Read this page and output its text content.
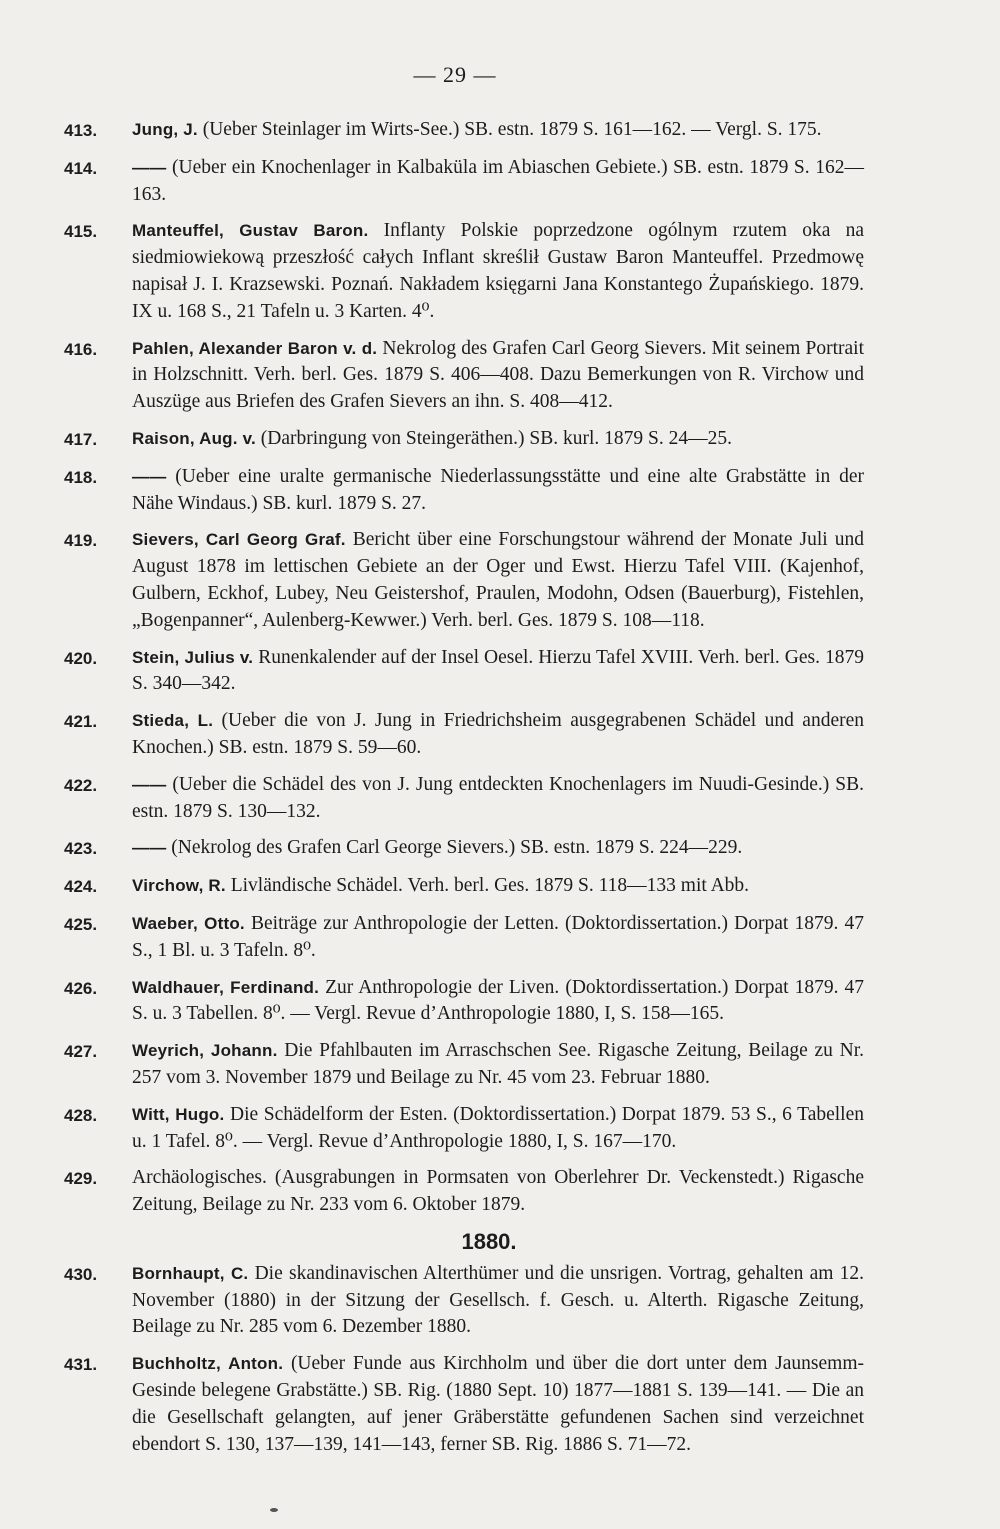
— 29 —
413.	Jung, J. (Ueber Steinlager im Wirts-See.) SB. estn. 1879 S. 161—162. — Vergl. S. 175.
414.	—— (Ueber ein Knochenlager in Kalbaküla im Abiaschen Gebiete.) SB. estn. 1879 S. 162—163.
415.	Manteuffel, Gustav Baron. Inflanty Polskie poprzedzone ogólnym rzutem oka na siedmiowiekową przeszłość całych Inflant skreślił Gustaw Baron Manteuffel. Przedmowę napisał J. I. Krazsewski. Poznań. Nakładem księgarni Jana Konstantego Żupańskiego. 1879. IX u. 168 S., 21 Tafeln u. 3 Karten. 4⁰.
416.	Pahlen, Alexander Baron v. d. Nekrolog des Grafen Carl Georg Sievers. Mit seinem Portrait in Holzschnitt. Verh. berl. Ges. 1879 S. 406—408. Dazu Bemerkungen von R. Virchow und Auszüge aus Briefen des Grafen Sievers an ihn. S. 408—412.
417.	Raison, Aug. v. (Darbringung von Steingeräthen.) SB. kurl. 1879 S. 24—25.
418.	—— (Ueber eine uralte germanische Niederlassungsstätte und eine alte Grabstätte in der Nähe Windaus.) SB. kurl. 1879 S. 27.
419.	Sievers, Carl Georg Graf. Bericht über eine Forschungstour während der Monate Juli und August 1878 im lettischen Gebiete an der Oger und Ewst. Hierzu Tafel VIII. (Kajenhof, Gulbern, Eckhof, Lubey, Neu Geistershof, Praulen, Modohn, Odsen (Bauerburg), Fistehlen, „Bogenpanner“, Aulenberg-Kewwer.) Verh. berl. Ges. 1879 S. 108—118.
420.	Stein, Julius v. Runenkalender auf der Insel Oesel. Hierzu Tafel XVIII. Verh. berl. Ges. 1879 S. 340—342.
421.	Stieda, L. (Ueber die von J. Jung in Friedrichsheim ausgegrabenen Schädel und anderen Knochen.) SB. estn. 1879 S. 59—60.
422.	—— (Ueber die Schädel des von J. Jung entdeckten Knochenlagers im Nuudi-Gesinde.) SB. estn. 1879 S. 130—132.
423.	—— (Nekrolog des Grafen Carl George Sievers.) SB. estn. 1879 S. 224—229.
424.	Virchow, R. Livländische Schädel. Verh. berl. Ges. 1879 S. 118—133 mit Abb.
425.	Waeber, Otto. Beiträge zur Anthropologie der Letten. (Doktordissertation.) Dorpat 1879. 47 S., 1 Bl. u. 3 Tafeln. 8⁰.
426.	Waldhauer, Ferdinand. Zur Anthropologie der Liven. (Doktordissertation.) Dorpat 1879. 47 S. u. 3 Tabellen. 8⁰. — Vergl. Revue d’Anthropologie 1880, I, S. 158—165.
427.	Weyrich, Johann. Die Pfahlbauten im Arraschschen See. Rigasche Zeitung, Beilage zu Nr. 257 vom 3. November 1879 und Beilage zu Nr. 45 vom 23. Februar 1880.
428.	Witt, Hugo. Die Schädelform der Esten. (Doktordissertation.) Dorpat 1879. 53 S., 6 Tabellen u. 1 Tafel. 8⁰. — Vergl. Revue d’Anthropologie 1880, I, S. 167—170.
429.	Archäologisches. (Ausgrabungen in Pormsaten von Oberlehrer Dr. Veckenstedt.) Rigasche Zeitung, Beilage zu Nr. 233 vom 6. Oktober 1879.
1880.
430.	Bornhaupt, C. Die skandinavischen Alterthümer und die unsrigen. Vortrag, gehalten am 12. November (1880) in der Sitzung der Gesellsch. f. Gesch. u. Alterth. Rigasche Zeitung, Beilage zu Nr. 285 vom 6. Dezember 1880.
431.	Buchholtz, Anton. (Ueber Funde aus Kirchholm und über die dort unter dem Jaunsemm-Gesinde belegene Grabstätte.) SB. Rig. (1880 Sept. 10) 1877—1881 S. 139—141. — Die an die Gesellschaft gelangten, auf jener Gräberstätte gefundenen Sachen sind verzeichnet ebendort S. 130, 137—139, 141—143, ferner SB. Rig. 1886 S. 71—72.
